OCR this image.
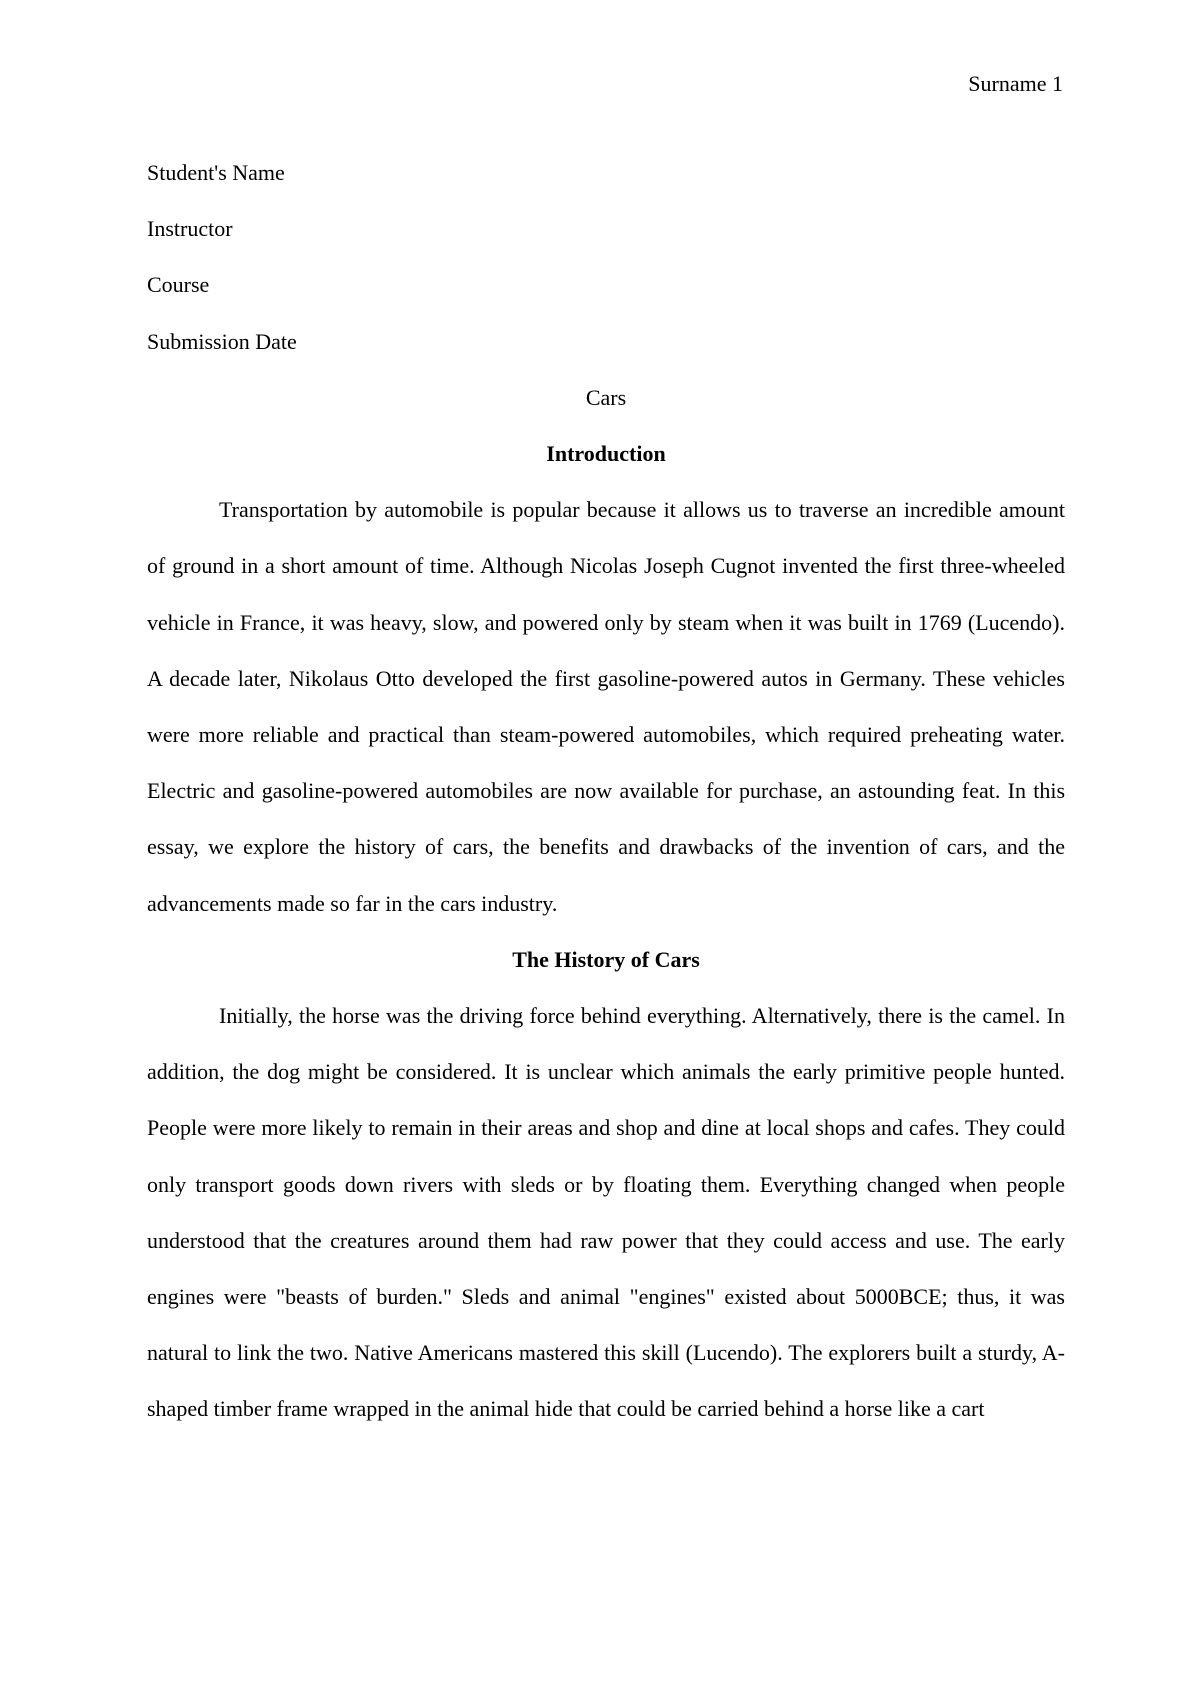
Surname 1
Student's Name
Instructor
Course
Submission Date
Cars
Introduction

Transportation by automobile is popular because it allows us to traverse an incredible amount of ground in a short amount of time. Although Nicolas Joseph Cugnot invented the first three-wheeled vehicle in France, it was heavy, slow, and powered only by steam when it was built in 1769 (Lucendo). A decade later, Nikolaus Otto developed the first gasoline-powered autos in Germany. These vehicles were more reliable and practical than steam-powered automobiles, which required preheating water. Electric and gasoline-powered automobiles are now available for purchase, an astounding feat. In this essay, we explore the history of cars, the benefits and drawbacks of the invention of cars, and the advancements made so far in the cars industry.

The History of Cars

Initially, the horse was the driving force behind everything. Alternatively, there is the camel. In addition, the dog might be considered. It is unclear which animals the early primitive people hunted. People were more likely to remain in their areas and shop and dine at local shops and cafes. They could only transport goods down rivers with sleds or by floating them. Everything changed when people understood that the creatures around them had raw power that they could access and use. The early engines were "beasts of burden." Sleds and animal "engines" existed about 5000BCE; thus, it was natural to link the two. Native Americans mastered this skill (Lucendo). The explorers built a sturdy, A-shaped timber frame wrapped in the animal hide that could be carried behind a horse like a cart
